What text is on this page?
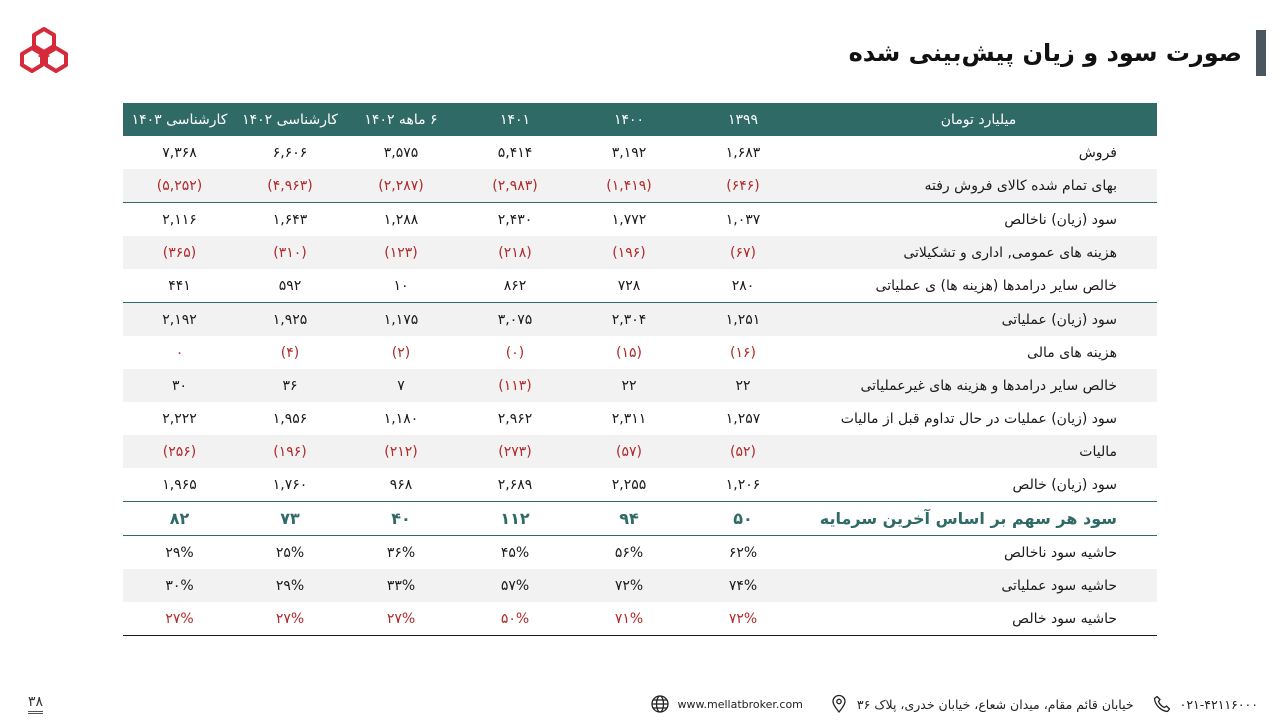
صورت سود و زیان پیش‌بینی شده
میلیارد تومان	۱۳۹۹	۱۴۰۰	۱۴۰۱	۶ ماهه ۱۴۰۲	کارشناسی ۱۴۰۲	کارشناسی ۱۴۰۳
فروش	۱,۶۸۳	۳,۱۹۲	۵,۴۱۴	۳,۵۷۵	۶,۶۰۶	۷,۳۶۸
بهای تمام شده کالای فروش رفته	(۶۴۶)	(۱,۴۱۹)	(۲,۹۸۳)	(۲,۲۸۷)	(۴,۹۶۳)	(۵,۲۵۲)
سود (زیان) ناخالص	۱,۰۳۷	۱,۷۷۲	۲,۴۳۰	۱,۲۸۸	۱,۶۴۳	۲,۱۱۶
هزینه های عمومی, اداری و تشکیلاتی	(۶۷)	(۱۹۶)	(۲۱۸)	(۱۲۳)	(۳۱۰)	(۳۶۵)
خالص سایر درامدها (هزینه ها) ی عملیاتی	۲۸۰	۷۲۸	۸۶۲	۱۰	۵۹۲	۴۴۱
سود (زیان) عملیاتی	۱,۲۵۱	۲,۳۰۴	۳,۰۷۵	۱,۱۷۵	۱,۹۲۵	۲,۱۹۲
هزینه های مالی	(۱۶)	(۱۵)	(۰)	(۲)	(۴)	۰
خالص سایر درامدها و هزینه های غیرعملیاتی	۲۲	۲۲	(۱۱۳)	۷	۳۶	۳۰
سود (زیان) عملیات در حال تداوم قبل از مالیات	۱,۲۵۷	۲,۳۱۱	۲,۹۶۲	۱,۱۸۰	۱,۹۵۶	۲,۲۲۲
مالیات	(۵۲)	(۵۷)	(۲۷۳)	(۲۱۲)	(۱۹۶)	(۲۵۶)
سود (زیان) خالص	۱,۲۰۶	۲,۲۵۵	۲,۶۸۹	۹۶۸	۱,۷۶۰	۱,۹۶۵
سود هر سهم بر اساس آخرین سرمایه	۵۰	۹۴	۱۱۲	۴۰	۷۳	۸۲
حاشیه سود ناخالص	۶۲%	۵۶%	۴۵%	۳۶%	۲۵%	۲۹%
حاشیه سود عملیاتی	۷۴%	۷۲%	۵۷%	۳۳%	۲۹%	۳۰%
حاشیه سود خالص	۷۲%	۷۱%	۵۰%	۲۷%	۲۷%	۲۷%
۳۸	www.mellatbroker.com	خیابان قائم مقام، میدان شعاع، خیابان خدری، پلاک ۳۶	۰۲۱-۴۲۱۱۶۰۰۰
